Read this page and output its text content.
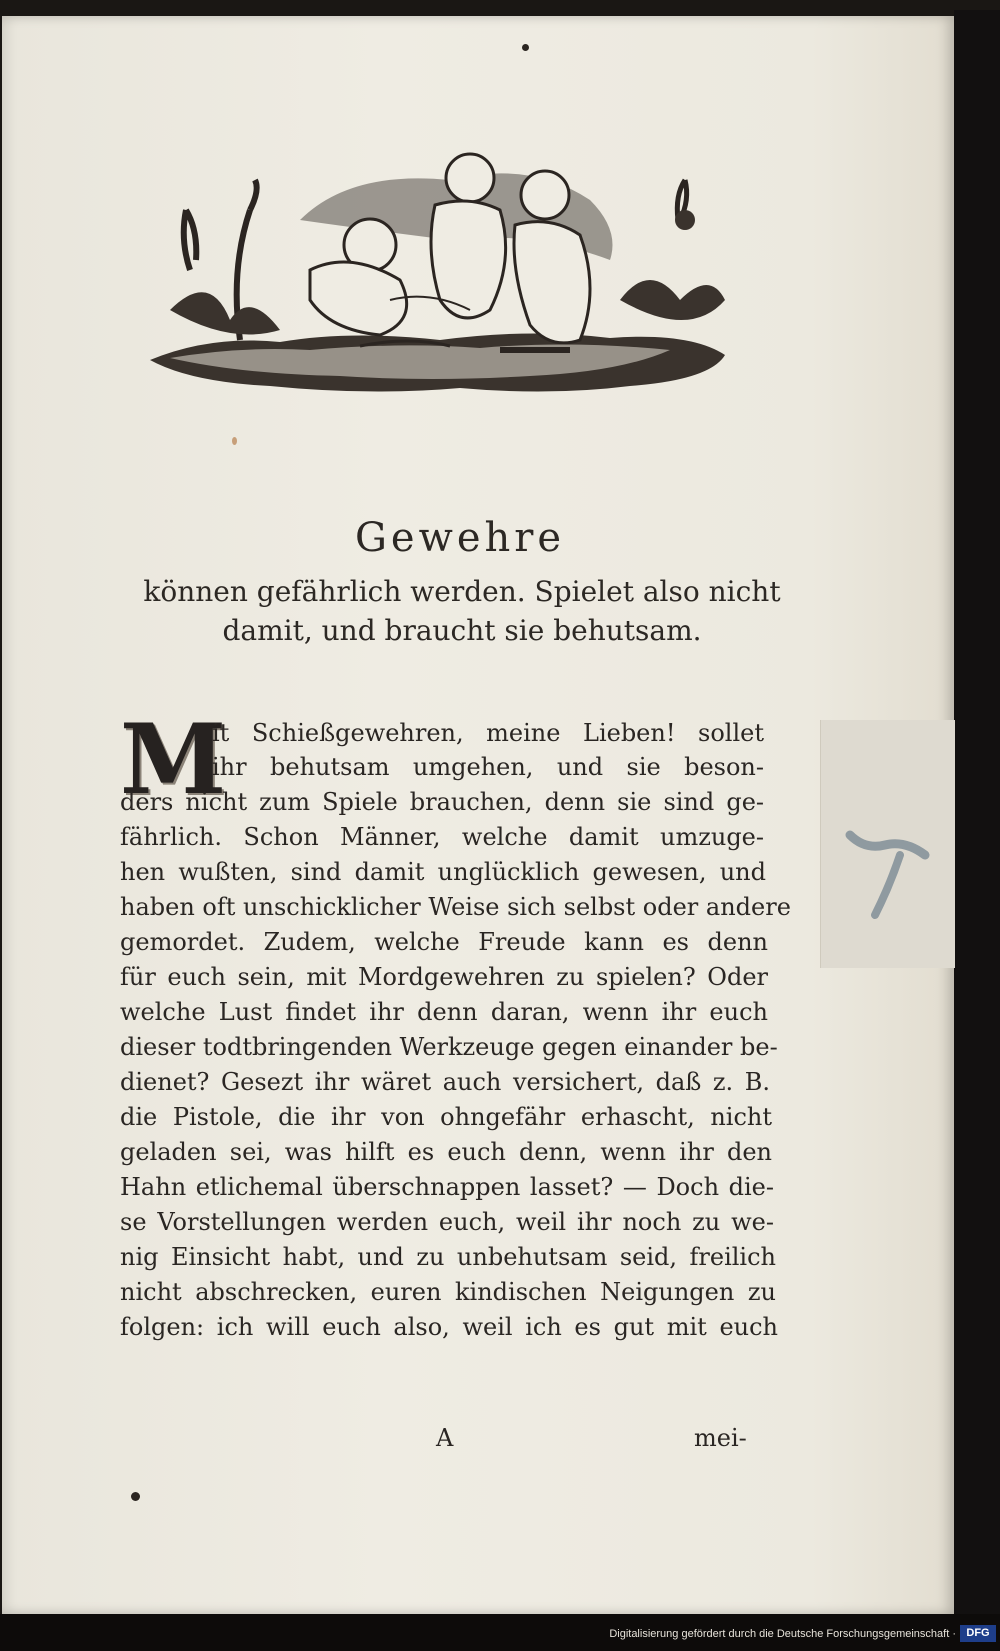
Gewehre
können gefährlich werden. Spielet also nicht
damit, und braucht sie behutsam.
M
it Schießgewehren, meine Lieben! sollet
ihr behutsam umgehen, und sie beson-
ders nicht zum Spiele brauchen, denn sie sind ge-
fährlich. Schon Männer, welche damit umzuge-
hen wußten, sind damit unglücklich gewesen, und
haben oft unschicklicher Weise sich selbst oder andere
gemordet. Zudem, welche Freude kann es denn
für euch sein, mit Mordgewehren zu spielen? Oder
welche Lust findet ihr denn daran, wenn ihr euch
dieser todtbringenden Werkzeuge gegen einander be-
dienet? Gesezt ihr wäret auch versichert, daß z. B.
die Pistole, die ihr von ohngefähr erhascht, nicht
geladen sei, was hilft es euch denn, wenn ihr den
Hahn etlichemal überschnappen lasset? — Doch die-
se Vorstellungen werden euch, weil ihr noch zu we-
nig Einsicht habt, und zu unbehutsam seid, freilich
nicht abschrecken, euren kindischen Neigungen zu
folgen: ich will euch also, weil ich es gut mit euch
A	mei-
Digitalisierung gefördert durch die Deutsche Forschungsgemeinschaft · DFG
